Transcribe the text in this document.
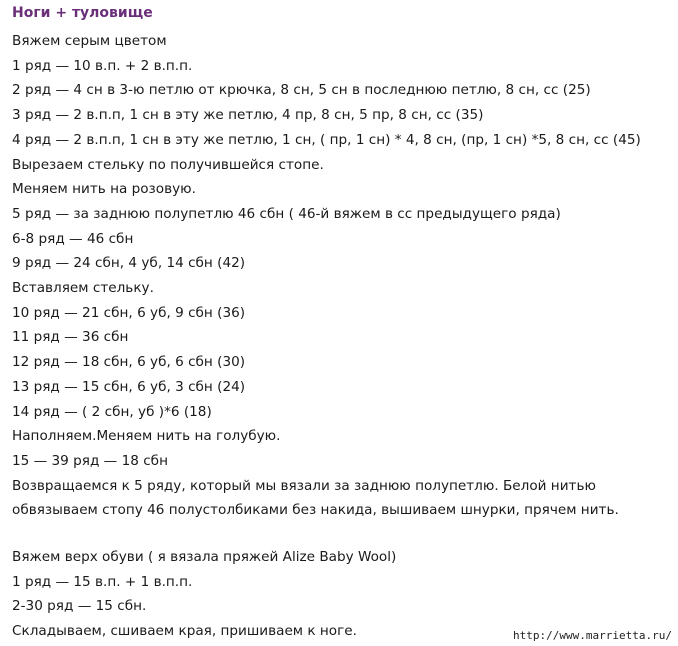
Ноги + туловище
Вяжем серым цветом
1 ряд — 10 в.п. + 2 в.п.п.
2 ряд — 4 сн в 3-ю петлю от крючка, 8 сн, 5 сн в последнюю петлю, 8 сн, сс (25)
3 ряд — 2 в.п.п, 1 сн в эту же петлю, 4 пр, 8 сн, 5 пр, 8 сн, сс (35)
4 ряд — 2 в.п.п, 1 сн в эту же петлю, 1 сн, ( пр, 1 сн) * 4, 8 сн, (пр, 1 сн) *5, 8 сн, сс (45)
Вырезаем стельку по получившейся стопе.
Меняем нить на розовую.
5 ряд — за заднюю полупетлю 46 сбн ( 46-й вяжем в сс предыдущего ряда)
6-8 ряд — 46 сбн
9 ряд — 24 сбн, 4 уб, 14 сбн (42)
Вставляем стельку.
10 ряд — 21 сбн, 6 уб, 9 сбн (36)
11 ряд — 36 сбн
12 ряд — 18 сбн, 6 уб, 6 сбн (30)
13 ряд — 15 сбн, 6 уб, 3 сбн (24)
14 ряд — ( 2 сбн, уб )*6 (18)
Наполняем.Меняем нить на голубую.
15 — 39 ряд — 18 сбн
Возвращаемся к 5 ряду, который мы вязали за заднюю полупетлю. Белой нитью
обвязываем стопу 46 полустолбиками без накида, вышиваем шнурки, прячем нить.
Вяжем верх обуви ( я вязала пряжей Alize Baby Wool)
1 ряд — 15 в.п. + 1 в.п.п.
2-30 ряд — 15 сбн.
Складываем, сшиваем края, пришиваем к ноге.	http://www.marrietta.ru/
